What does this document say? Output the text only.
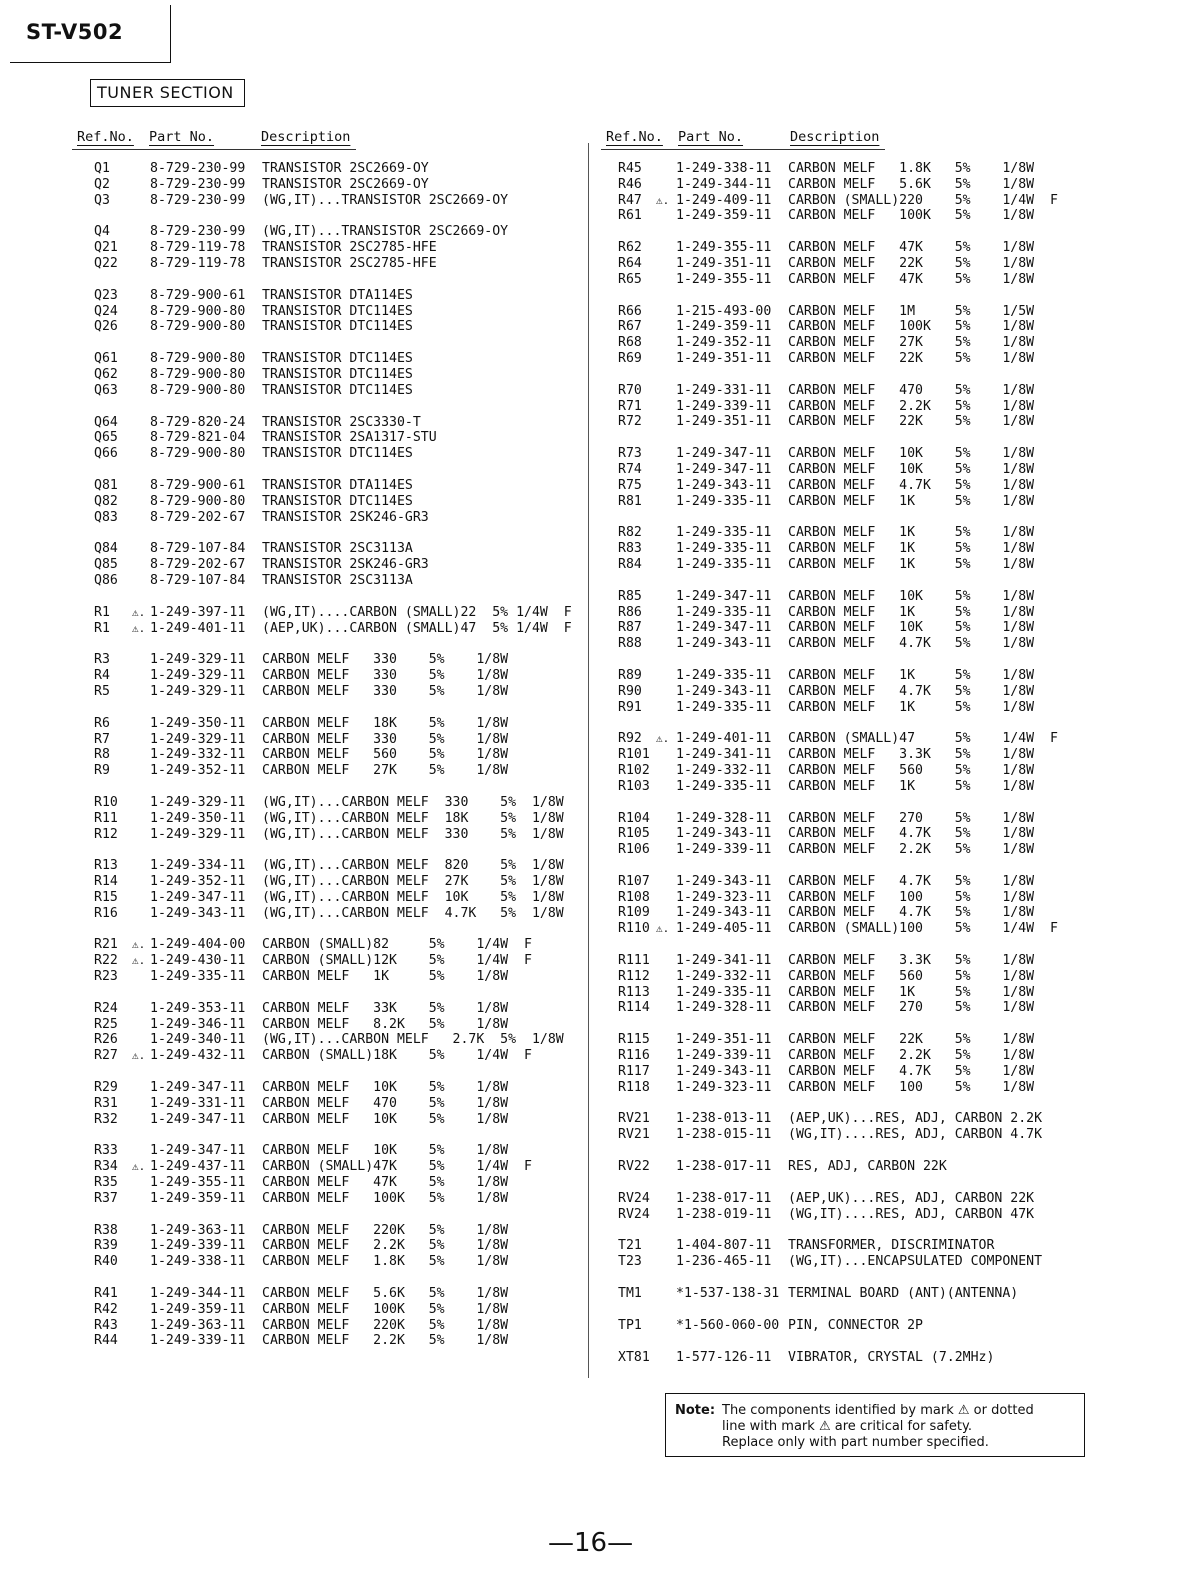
ST-V502
TUNER SECTION
Ref.No. Part No.	Description	Ref.No. Part No.	Description
Q1	8-729-230-99 TRANSISTOR 2SC2669-OY
Q2	8-729-230-99 TRANSISTOR 2SC2669-OY
Q3	8-729-230-99 (WG,IT)...TRANSISTOR 2SC2669-OY
Q4	8-729-230-99 (WG,IT)...TRANSISTOR 2SC2669-OY
Q21 8-729-119-78 TRANSISTOR 2SC2785-HFE
Q22 8-729-119-78 TRANSISTOR 2SC2785-HFE
Q23 8-729-900-61 TRANSISTOR DTA114ES
Q24 8-729-900-80 TRANSISTOR DTC114ES
Q26 8-729-900-80 TRANSISTOR DTC114ES
Q61 8-729-900-80 TRANSISTOR DTC114ES
Q62 8-729-900-80 TRANSISTOR DTC114ES
Q63 8-729-900-80 TRANSISTOR DTC114ES
Q64 8-729-820-24 TRANSISTOR 2SC3330-T
Q65 8-729-821-04 TRANSISTOR 2SA1317-STU
Q66 8-729-900-80 TRANSISTOR DTC114ES
Q81 8-729-900-61 TRANSISTOR DTA114ES
Q82 8-729-900-80 TRANSISTOR DTC114ES
Q83 8-729-202-67 TRANSISTOR 2SK246-GR3
Q84 8-729-107-84 TRANSISTOR 2SC3113A
Q85 8-729-202-67 TRANSISTOR 2SK246-GR3
Q86 8-729-107-84 TRANSISTOR 2SC3113A
R1 ⚠. 1-249-397-11 (WG,IT)....CARBON (SMALL)22  5% 1/4W  F
R1 ⚠. 1-249-401-11 (AEP,UK)...CARBON (SMALL)47  5% 1/4W  F
R3	1-249-329-11 CARBON MELF   330    5%    1/8W
R4	1-249-329-11 CARBON MELF   330    5%    1/8W
R5	1-249-329-11 CARBON MELF   330    5%    1/8W
R6	1-249-350-11 CARBON MELF   18K    5%    1/8W
R7	1-249-329-11 CARBON MELF   330    5%    1/8W
R8	1-249-332-11 CARBON MELF   560    5%    1/8W
R9	1-249-352-11 CARBON MELF   27K    5%    1/8W
R10 1-249-329-11 (WG,IT)...CARBON MELF  330    5%  1/8W
R11 1-249-350-11 (WG,IT)...CARBON MELF  18K    5%  1/8W
R12 1-249-329-11 (WG,IT)...CARBON MELF  330    5%  1/8W
R13 1-249-334-11 (WG,IT)...CARBON MELF  820    5%  1/8W
R14 1-249-352-11 (WG,IT)...CARBON MELF  27K    5%  1/8W
R15 1-249-347-11 (WG,IT)...CARBON MELF  10K    5%  1/8W
R16 1-249-343-11 (WG,IT)...CARBON MELF  4.7K   5%  1/8W
R21 ⚠. 1-249-404-00 CARBON (SMALL)82     5%    1/4W  F
R22 ⚠. 1-249-430-11 CARBON (SMALL)12K    5%    1/4W  F
R23 1-249-335-11 CARBON MELF   1K     5%    1/8W
R24 1-249-353-11 CARBON MELF   33K    5%    1/8W
R25 1-249-346-11 CARBON MELF   8.2K   5%    1/8W
R26 1-249-340-11 (WG,IT)...CARBON MELF   2.7K  5%  1/8W
R27 ⚠. 1-249-432-11 CARBON (SMALL)18K    5%    1/4W  F
R29 1-249-347-11 CARBON MELF   10K    5%    1/8W
R31 1-249-331-11 CARBON MELF   470    5%    1/8W
R32 1-249-347-11 CARBON MELF   10K    5%    1/8W
R33 1-249-347-11 CARBON MELF   10K    5%    1/8W
R34 ⚠. 1-249-437-11 CARBON (SMALL)47K    5%    1/4W  F
R35 1-249-355-11 CARBON MELF   47K    5%    1/8W
R37 1-249-359-11 CARBON MELF   100K   5%    1/8W
R38 1-249-363-11 CARBON MELF   220K   5%    1/8W
R39 1-249-339-11 CARBON MELF   2.2K   5%    1/8W
R40 1-249-338-11 CARBON MELF   1.8K   5%    1/8W
R41 1-249-344-11 CARBON MELF   5.6K   5%    1/8W
R42 1-249-359-11 CARBON MELF   100K   5%    1/8W
R43 1-249-363-11 CARBON MELF   220K   5%    1/8W
R44 1-249-339-11 CARBON MELF   2.2K   5%    1/8W
R45	1-249-338-11 CARBON MELF   1.8K   5%    1/8W
R46	1-249-344-11 CARBON MELF   5.6K   5%    1/8W
R47 ⚠. 1-249-409-11 CARBON (SMALL)220    5%    1/4W  F
R61	1-249-359-11 CARBON MELF   100K   5%    1/8W
R62	1-249-355-11 CARBON MELF   47K    5%    1/8W
R64	1-249-351-11 CARBON MELF   22K    5%    1/8W
R65	1-249-355-11 CARBON MELF   47K    5%    1/8W
R66	1-215-493-00 CARBON MELF   1M     5%    1/5W
R67	1-249-359-11 CARBON MELF   100K   5%    1/8W
R68	1-249-352-11 CARBON MELF   27K    5%    1/8W
R69	1-249-351-11 CARBON MELF   22K    5%    1/8W
R70	1-249-331-11 CARBON MELF   470    5%    1/8W
R71	1-249-339-11 CARBON MELF   2.2K   5%    1/8W
R72	1-249-351-11 CARBON MELF   22K    5%    1/8W
R73	1-249-347-11 CARBON MELF   10K    5%    1/8W
R74	1-249-347-11 CARBON MELF   10K    5%    1/8W
R75	1-249-343-11 CARBON MELF   4.7K   5%    1/8W
R81	1-249-335-11 CARBON MELF   1K     5%    1/8W
R82	1-249-335-11 CARBON MELF   1K     5%    1/8W
R83	1-249-335-11 CARBON MELF   1K     5%    1/8W
R84	1-249-335-11 CARBON MELF   1K     5%    1/8W
R85	1-249-347-11 CARBON MELF   10K    5%    1/8W
R86	1-249-335-11 CARBON MELF   1K     5%    1/8W
R87	1-249-347-11 CARBON MELF   10K    5%    1/8W
R88	1-249-343-11 CARBON MELF   4.7K   5%    1/8W
R89	1-249-335-11 CARBON MELF   1K     5%    1/8W
R90	1-249-343-11 CARBON MELF   4.7K   5%    1/8W
R91	1-249-335-11 CARBON MELF   1K     5%    1/8W
R92 ⚠. 1-249-401-11 CARBON (SMALL)47     5%    1/4W  F
R101 1-249-341-11 CARBON MELF   3.3K   5%    1/8W
R102 1-249-332-11 CARBON MELF   560    5%    1/8W
R103 1-249-335-11 CARBON MELF   1K     5%    1/8W
R104 1-249-328-11 CARBON MELF   270    5%    1/8W
R105 1-249-343-11 CARBON MELF   4.7K   5%    1/8W
R106 1-249-339-11 CARBON MELF   2.2K   5%    1/8W
R107 1-249-343-11 CARBON MELF   4.7K   5%    1/8W
R108 1-249-323-11 CARBON MELF   100    5%    1/8W
R109 1-249-343-11 CARBON MELF   4.7K   5%    1/8W
R110 ⚠. 1-249-405-11 CARBON (SMALL)100    5%    1/4W  F
R111 1-249-341-11 CARBON MELF   3.3K   5%    1/8W
R112 1-249-332-11 CARBON MELF   560    5%    1/8W
R113 1-249-335-11 CARBON MELF   1K     5%    1/8W
R114 1-249-328-11 CARBON MELF   270    5%    1/8W
R115 1-249-351-11 CARBON MELF   22K    5%    1/8W
R116 1-249-339-11 CARBON MELF   2.2K   5%    1/8W
R117 1-249-343-11 CARBON MELF   4.7K   5%    1/8W
R118 1-249-323-11 CARBON MELF   100    5%    1/8W
RV21 1-238-013-11 (AEP,UK)...RES, ADJ, CARBON 2.2K
RV21 1-238-015-11 (WG,IT)....RES, ADJ, CARBON 4.7K
RV22 1-238-017-11 RES, ADJ, CARBON 22K
RV24 1-238-017-11 (AEP,UK)...RES, ADJ, CARBON 22K
RV24 1-238-019-11 (WG,IT)....RES, ADJ, CARBON 47K
T21	1-404-807-11 TRANSFORMER, DISCRIMINATOR
T23	1-236-465-11 (WG,IT)...ENCAPSULATED COMPONENT
TM1	*1-537-138-31 TERMINAL BOARD (ANT)(ANTENNA)
TP1	*1-560-060-00 PIN, CONNECTOR 2P
XT81 1-577-126-11 VIBRATOR, CRYSTAL (7.2MHz)
Note: The components identified by mark ⚠ or dotted
line with mark ⚠ are critical for safety.
Replace only with part number specified.
—16—
